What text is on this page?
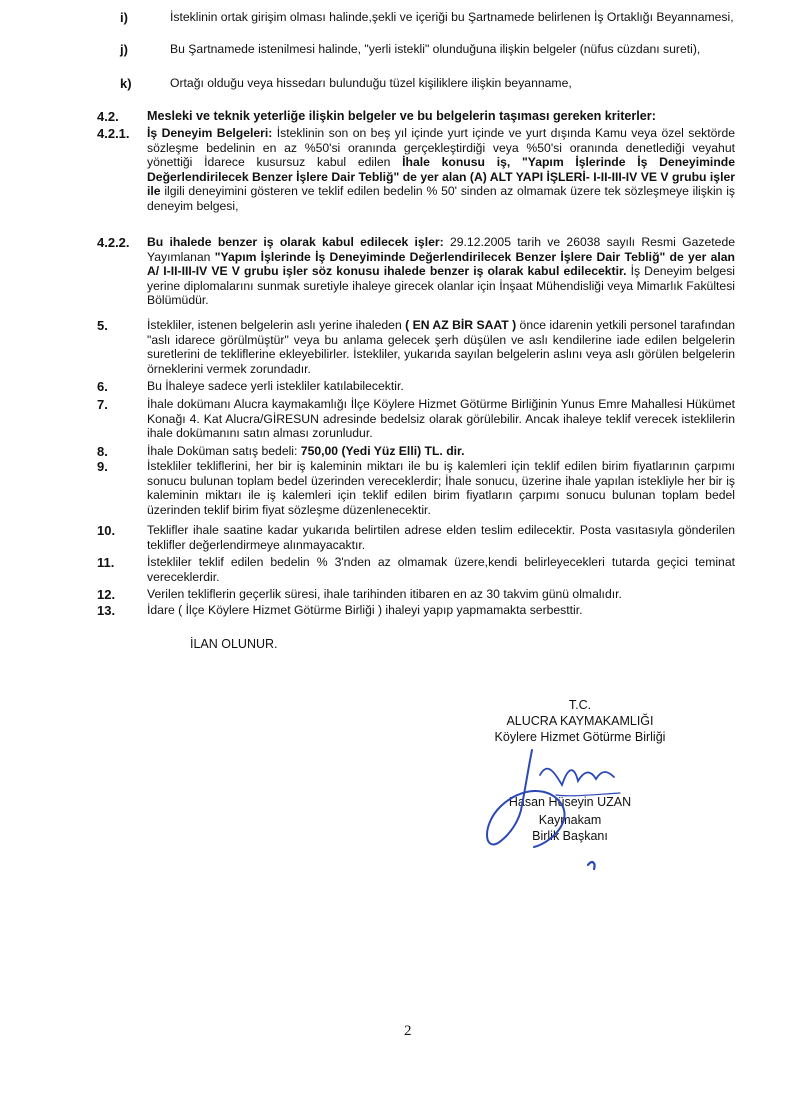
i)	İsteklinin ortak girişim olması halinde,şekli ve içeriği bu Şartnamede belirlenen İş Ortaklığı Beyannamesi,
j)	Bu Şartnamede istenilmesi halinde, "yerli istekli" olunduğuna ilişkin belgeler (nüfus cüzdanı sureti),
k)	Ortağı olduğu veya hissedarı bulunduğu tüzel kişiliklere ilişkin beyanname,
4.2. Mesleki ve teknik yeterliğe ilişkin belgeler ve bu belgelerin taşıması gereken kriterler:
4.2.1. İş Deneyim Belgeleri: İsteklinin son on beş yıl içinde yurt içinde ve yurt dışında Kamu veya özel sektörde sözleşme bedelinin en az %50'si oranında gerçekleştirdiği veya %50'si oranında denetlediği veyahut yönettiği İdarece kusursuz kabul edilen İhale konusu iş, "Yapım İşlerinde İş Deneyiminde Değerlendirilecek Benzer İşlere Dair Tebliğ" de yer alan (A) ALT YAPI İŞLERİ- I-II-III-IV VE V grubu işler ile ilgili deneyimini gösteren ve teklif edilen bedelin % 50' sinden az olmamak üzere tek sözleşmeye ilişkin iş deneyim belgesi,
4.2.2. Bu ihalede benzer iş olarak kabul edilecek işler: 29.12.2005 tarih ve 26038 sayılı Resmi Gazetede Yayımlanan "Yapım İşlerinde İş Deneyiminde Değerlendirilecek Benzer İşlere Dair Tebliğ" de yer alan A/ I-II-III-IV VE V grubu işler söz konusu ihalede benzer iş olarak kabul edilecektir. İş Deneyim belgesi yerine diplomalarını sunmak suretiyle ihaleye girecek olanlar için İnşaat Mühendisliği veya Mimarlık Fakültesi Bölümüdür.
5.	İstekliler, istenen belgelerin aslı yerine ihaleden ( EN AZ BİR SAAT ) önce idarenin yetkili personel tarafından "aslı idarece görülmüştür" veya bu anlama gelecek şerh düşülen ve aslı kendilerine iade edilen belgelerin suretlerini de tekliflerine ekleyebilirler. İstekliler, yukarıda sayılan belgelerin aslını veya aslı görülen belgelerin örneklerini vermek zorundadır.
6.	Bu İhaleye sadece yerli istekliler katılabilecektir.
7.	İhale dokümanı Alucra kaymakamlığı İlçe Köylere Hizmet Götürme Birliğinin Yunus Emre Mahallesi Hükümet Konağı 4. Kat Alucra/GİRESUN adresinde bedelsiz olarak görülebilir. Ancak ihaleye teklif verecek isteklilerin ihale dokümanını satın alması zorunludur.
8.	İhale Doküman satış bedeli: 750,00 (Yedi Yüz Elli) TL. dir.
9.	İstekliler tekliflerini, her bir iş kaleminin miktarı ile bu iş kalemleri için teklif edilen birim fiyatlarının çarpımı sonucu bulunan toplam bedel üzerinden vereceklerdir; İhale sonucu, üzerine ihale yapılan istekliyle her bir iş kaleminin miktarı ile iş kalemleri için teklif edilen birim fiyatların çarpımı sonucu bulunan toplam bedel üzerinden teklif birim fiyat sözleşme düzenlenecektir.
10.	Teklifler ihale saatine kadar yukarıda belirtilen adrese elden teslim edilecektir. Posta vasıtasıyla gönderilen teklifler değerlendirmeye alınmayacaktır.
11.	İstekliler teklif edilen bedelin % 3'nden az olmamak üzere,kendi belirleyecekleri tutarda geçici teminat vereceklerdir.
12.	Verilen tekliflerin geçerlik süresi, ihale tarihinden itibaren en az 30 takvim günü olmalıdır.
13.	İdare ( İlçe Köylere Hizmet Götürme Birliği ) ihaleyi yapıp yapmamakta serbesttir.
İLAN OLUNUR.
T.C.
ALUCRA KAYMAKAMLIĞI
Köylere Hizmet Götürme Birliği
Hasan Hüseyin UZAN
Kaymakam
Birlik Başkanı
2
